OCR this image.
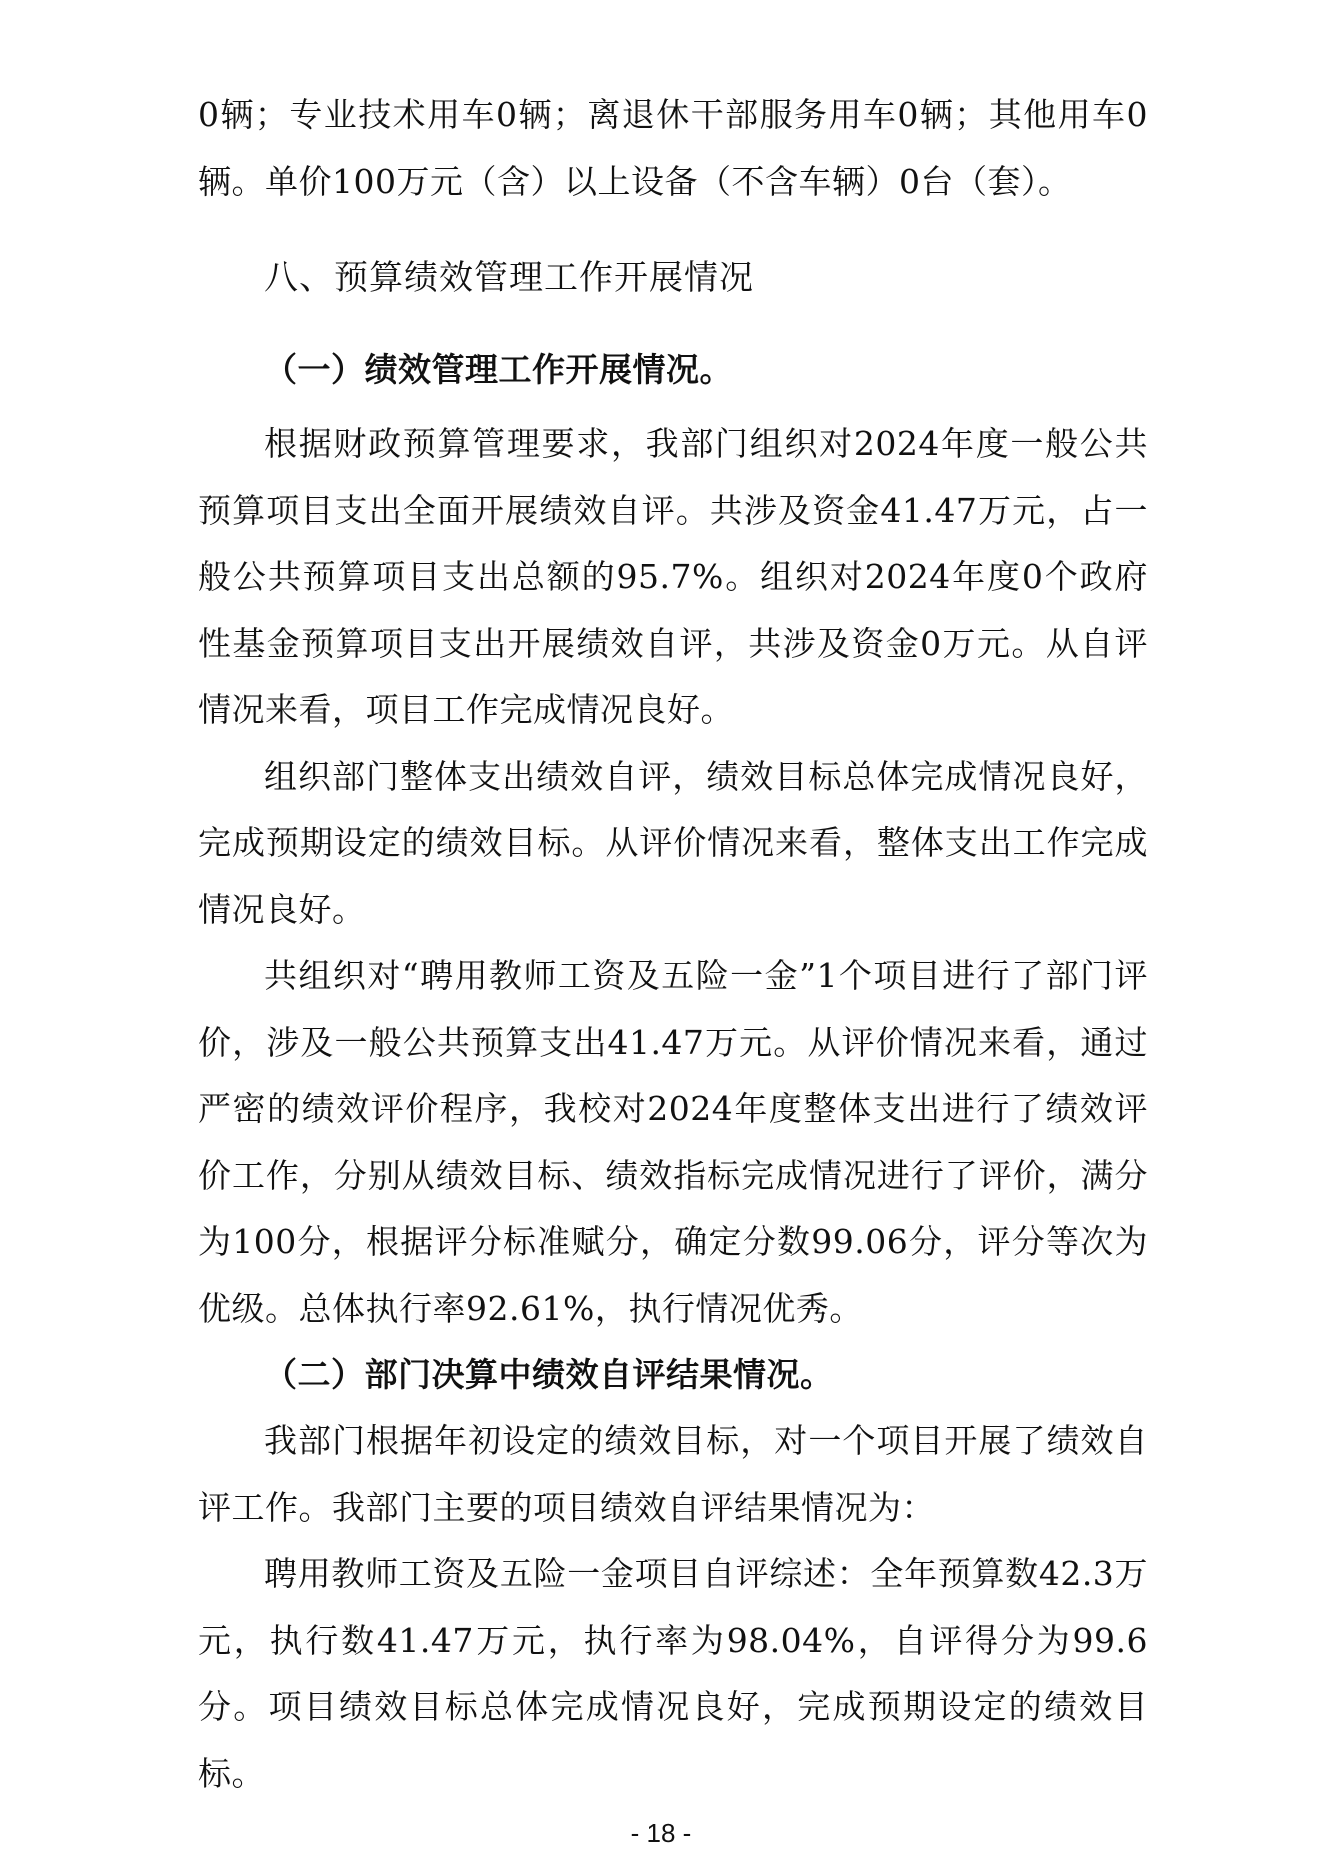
0辆；专业技术用车0辆；离退休干部服务用车0辆；其他用车0辆。单价100万元（含）以上设备（不含车辆）0台（套）。

八、预算绩效管理工作开展情况
（一）绩效管理工作开展情况。

根据财政预算管理要求，我部门组织对2024年度一般公共预算项目支出全面开展绩效自评。共涉及资金41.47万元，占一般公共预算项目支出总额的95.7%。组织对2024年度0个政府性基金预算项目支出开展绩效自评，共涉及资金0万元。从自评情况来看，项目工作完成情况良好。

组织部门整体支出绩效自评，绩效目标总体完成情况良好，完成预期设定的绩效目标。从评价情况来看，整体支出工作完成情况良好。

共组织对“聘用教师工资及五险一金”1个项目进行了部门评价，涉及一般公共预算支出41.47万元。从评价情况来看，通过严密的绩效评价程序，我校对2024年度整体支出进行了绩效评价工作，分别从绩效目标、绩效指标完成情况进行了评价，满分为100分，根据评分标准赋分，确定分数99.06分，评分等次为优级。总体执行率92.61%，执行情况优秀。

（二）部门决算中绩效自评结果情况。

我部门根据年初设定的绩效目标，对一个项目开展了绩效自评工作。我部门主要的项目绩效自评结果情况为：

聘用教师工资及五险一金项目自评综述：全年预算数42.3万元，执行数41.47万元，执行率为98.04%，自评得分为99.6分。项目绩效目标总体完成情况良好，完成预期设定的绩效目标。

- 18 -
